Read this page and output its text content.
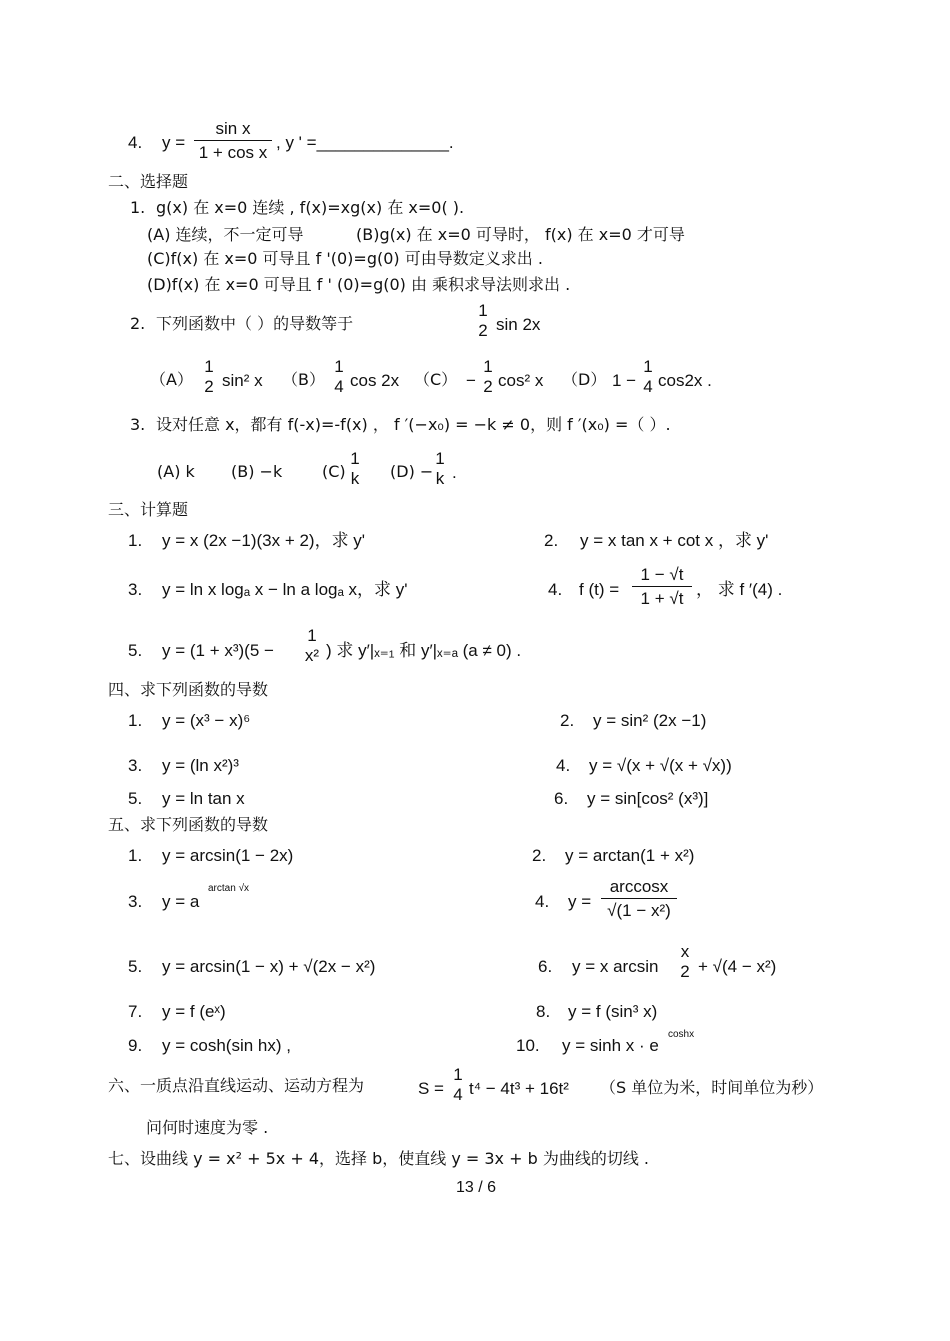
4. y =
sin x
1 + cos x
, y ' =______________.
二、选择题
1. g(x) 在 x=0 连续 , f(x)=xg(x) 在 x=0( ).
(A) 连续，不一定可导	(B)g(x) 在 x=0 可导时， f(x) 在 x=0 才可导
(C)f(x) 在 x=0 可导且 f '(0)=g(0) 可由导数定义求出 .
(D)f(x) 在 x=0 可导且 f ' (0)=g(0) 由 乘积求导法则求出 .
2. 下列函数中（ ）的导数等于
1
2 sin 2x
（A）
1
2 sin² x （B）
1
4 cos 2x （C） −
1
2 cos² x （D） 1 −
1
4 cos2x .
3. 设对任意 x，都有 f(-x)=-f(x) ， f ′(−x₀) = −k ≠ 0，则 f ′(x₀) =（ ）.
(A) k (B) −k (C)
1
k (D) −
1
k .
三、计算题
1. y = x (2x −1)(3x + 2)，求 y'	2. y = x tan x + cot x ，求 y'
3. y = ln x logₐ x − ln a logₐ x，求 y'	4. f (t) =
1 − √t
1 + √t ， 求 f ′(4) .
5. y = (1 + x³)(5 −
1
x² ) 求 y′|ₓ₌₁ 和 y′|ₓ₌ₐ (a ≠ 0) .
四、求下列函数的导数
1. y = (x³ − x)⁶	2. y = sin² (2x −1)
3. y = (ln x²)³	4. y = √(x + √(x + √x))
5. y = ln tan x	6. y = sin[cos² (x³)]
五、求下列函数的导数
1. y = arcsin(1 − 2x)	2. y = arctan(1 + x²)
3. y = a
arctan √x
4. y =
arccosx
√(1 − x²)
5. y = arcsin(1 − x) + √(2x − x²)	6. y = x arcsin
x
2 + √(4 − x²)
7. y = f (eˣ)	8. y = f (sin³ x)
9. y = cosh(sin hx) ,	10. y = sinh x · e
coshx
六、一质点沿直线运动、运动方程为	S =
1
4 t⁴ − 4t³ + 16t² （S 单位为米，时间单位为秒）
问何时速度为零 .
七、设曲线 y = x² + 5x + 4，选择 b，使直线 y = 3x + b 为曲线的切线 .
13 / 6
